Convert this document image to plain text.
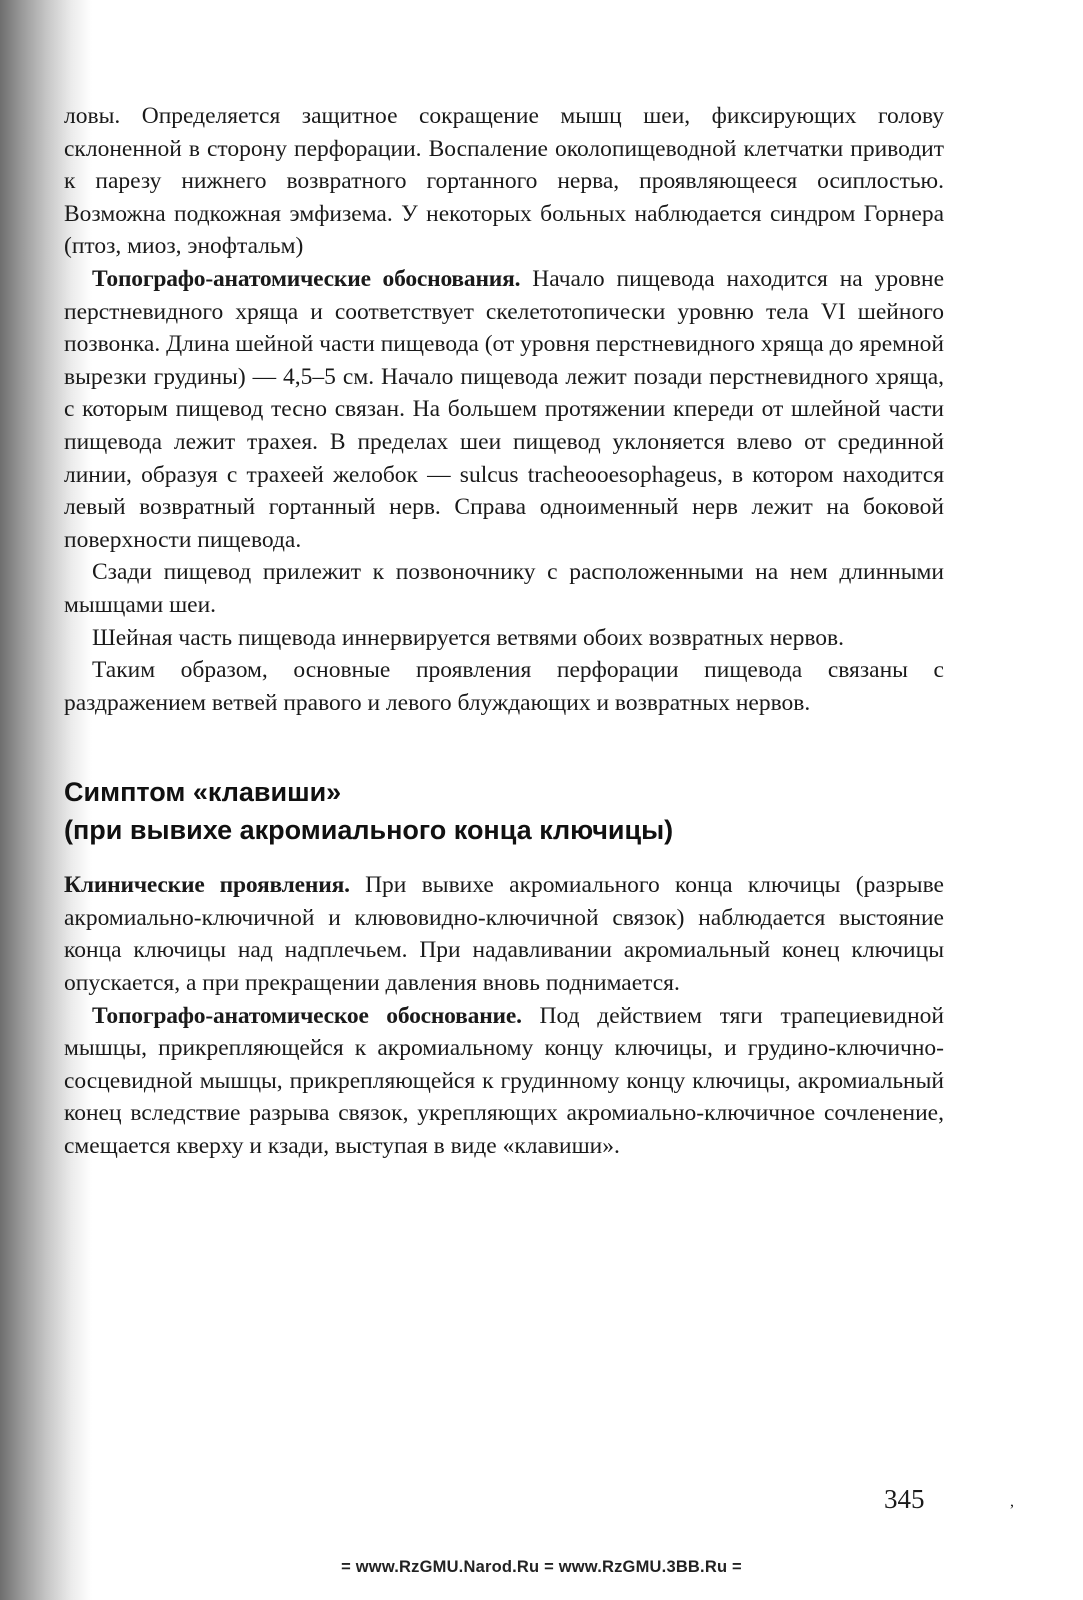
ловы. Определяется защитное сокращение мышц шеи, фиксирующих голову склоненной в сторону перфорации. Воспаление околопищеводной клетчатки приводит к парезу нижнего возвратного гортанного нерва, проявляющееся осиплостью. Возможна подкожная эмфизема. У некоторых больных наблюдается синдром Горнера (птоз, миоз, энофтальм)

Топографо-анатомические обоснования. Начало пищевода находится на уровне перстневидного хряща и соответствует скелетотопически уровню тела VI шейного позвонка. Длина шейной части пищевода (от уровня перстневидного хряща до яремной вырезки грудины) — 4,5–5 см. Начало пищевода лежит позади перстневидного хряща, с которым пищевод тесно связан. На большем протяжении кпереди от шлейной части пищевода лежит трахея. В пределах шеи пищевод уклоняется влево от срединной линии, образуя с трахеей желобок — sulcus tracheooesophageus, в котором находится левый возвратный гортанный нерв. Справа одноименный нерв лежит на боковой поверхности пищевода.

Сзади пищевод прилежит к позвоночнику с расположенными на нем длинными мышцами шеи.

Шейная часть пищевода иннервируется ветвями обоих возвратных нервов.

Таким образом, основные проявления перфорации пищевода связаны с раздражением ветвей правого и левого блуждающих и возвратных нервов.

Симптом «клавиши»
(при вывихе акромиального конца ключицы)

Клинические проявления. При вывихе акромиального конца ключицы (разрыве акромиально-ключичной и клювовидно-ключичной связок) наблюдается выстояние конца ключицы над надплечьем. При надавливании акромиальный конец ключицы опускается, а при прекращении давления вновь поднимается.

Топографо-анатомическое обоснование. Под действием тяги трапециевидной мышцы, прикрепляющейся к акромиальному концу ключицы, и грудино-ключично-сосцевидной мышцы, прикрепляющейся к грудинному концу ключицы, акромиальный конец вследствие разрыва связок, укрепляющих акромиально-ключичное сочленение, смещается кверху и кзади, выступая в виде «клавиши».

345	,
= www.RzGMU.Narod.Ru = www.RzGMU.3BB.Ru =
